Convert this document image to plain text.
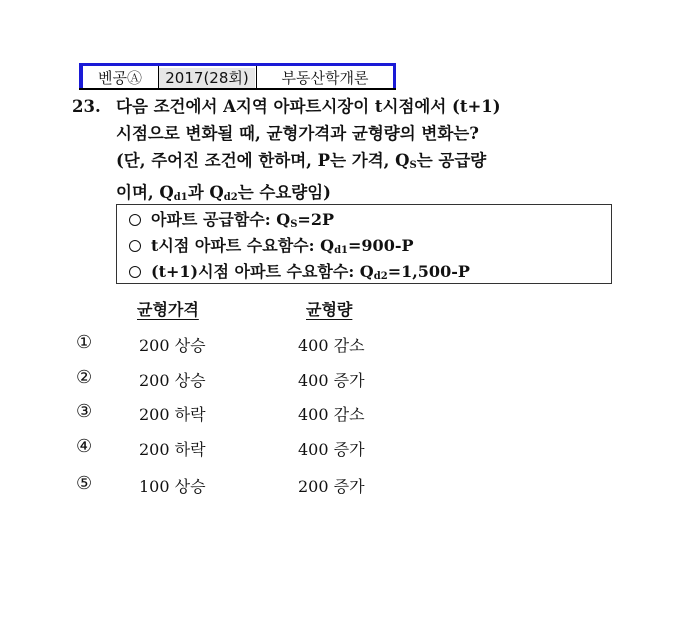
벤공Ⓐ	2017(28회)	부동산학개론
23. 다음 조건에서 A지역 아파트시장이 t시점에서 (t+1)
시점으로 변화될 때, 균형가격과 균형량의 변화는?
(단, 주어진 조건에 한하며, P는 가격, $Q_S$는 공급량
이며, $Q_{d1}$과 $Q_{d2}$는 수요량임)
아파트 공급함수: $Q_S=2P$
t시점 아파트 수요함수: $Q_{d1}=900-P$
(t+1)시점 아파트 수요함수: $Q_{d2}=1,500-P$
균형가격	균형량
①	200 상승	400 감소
②	200 상승	400 증가
③	200 하락	400 감소
④	200 하락	400 증가
⑤	100 상승	200 증가
